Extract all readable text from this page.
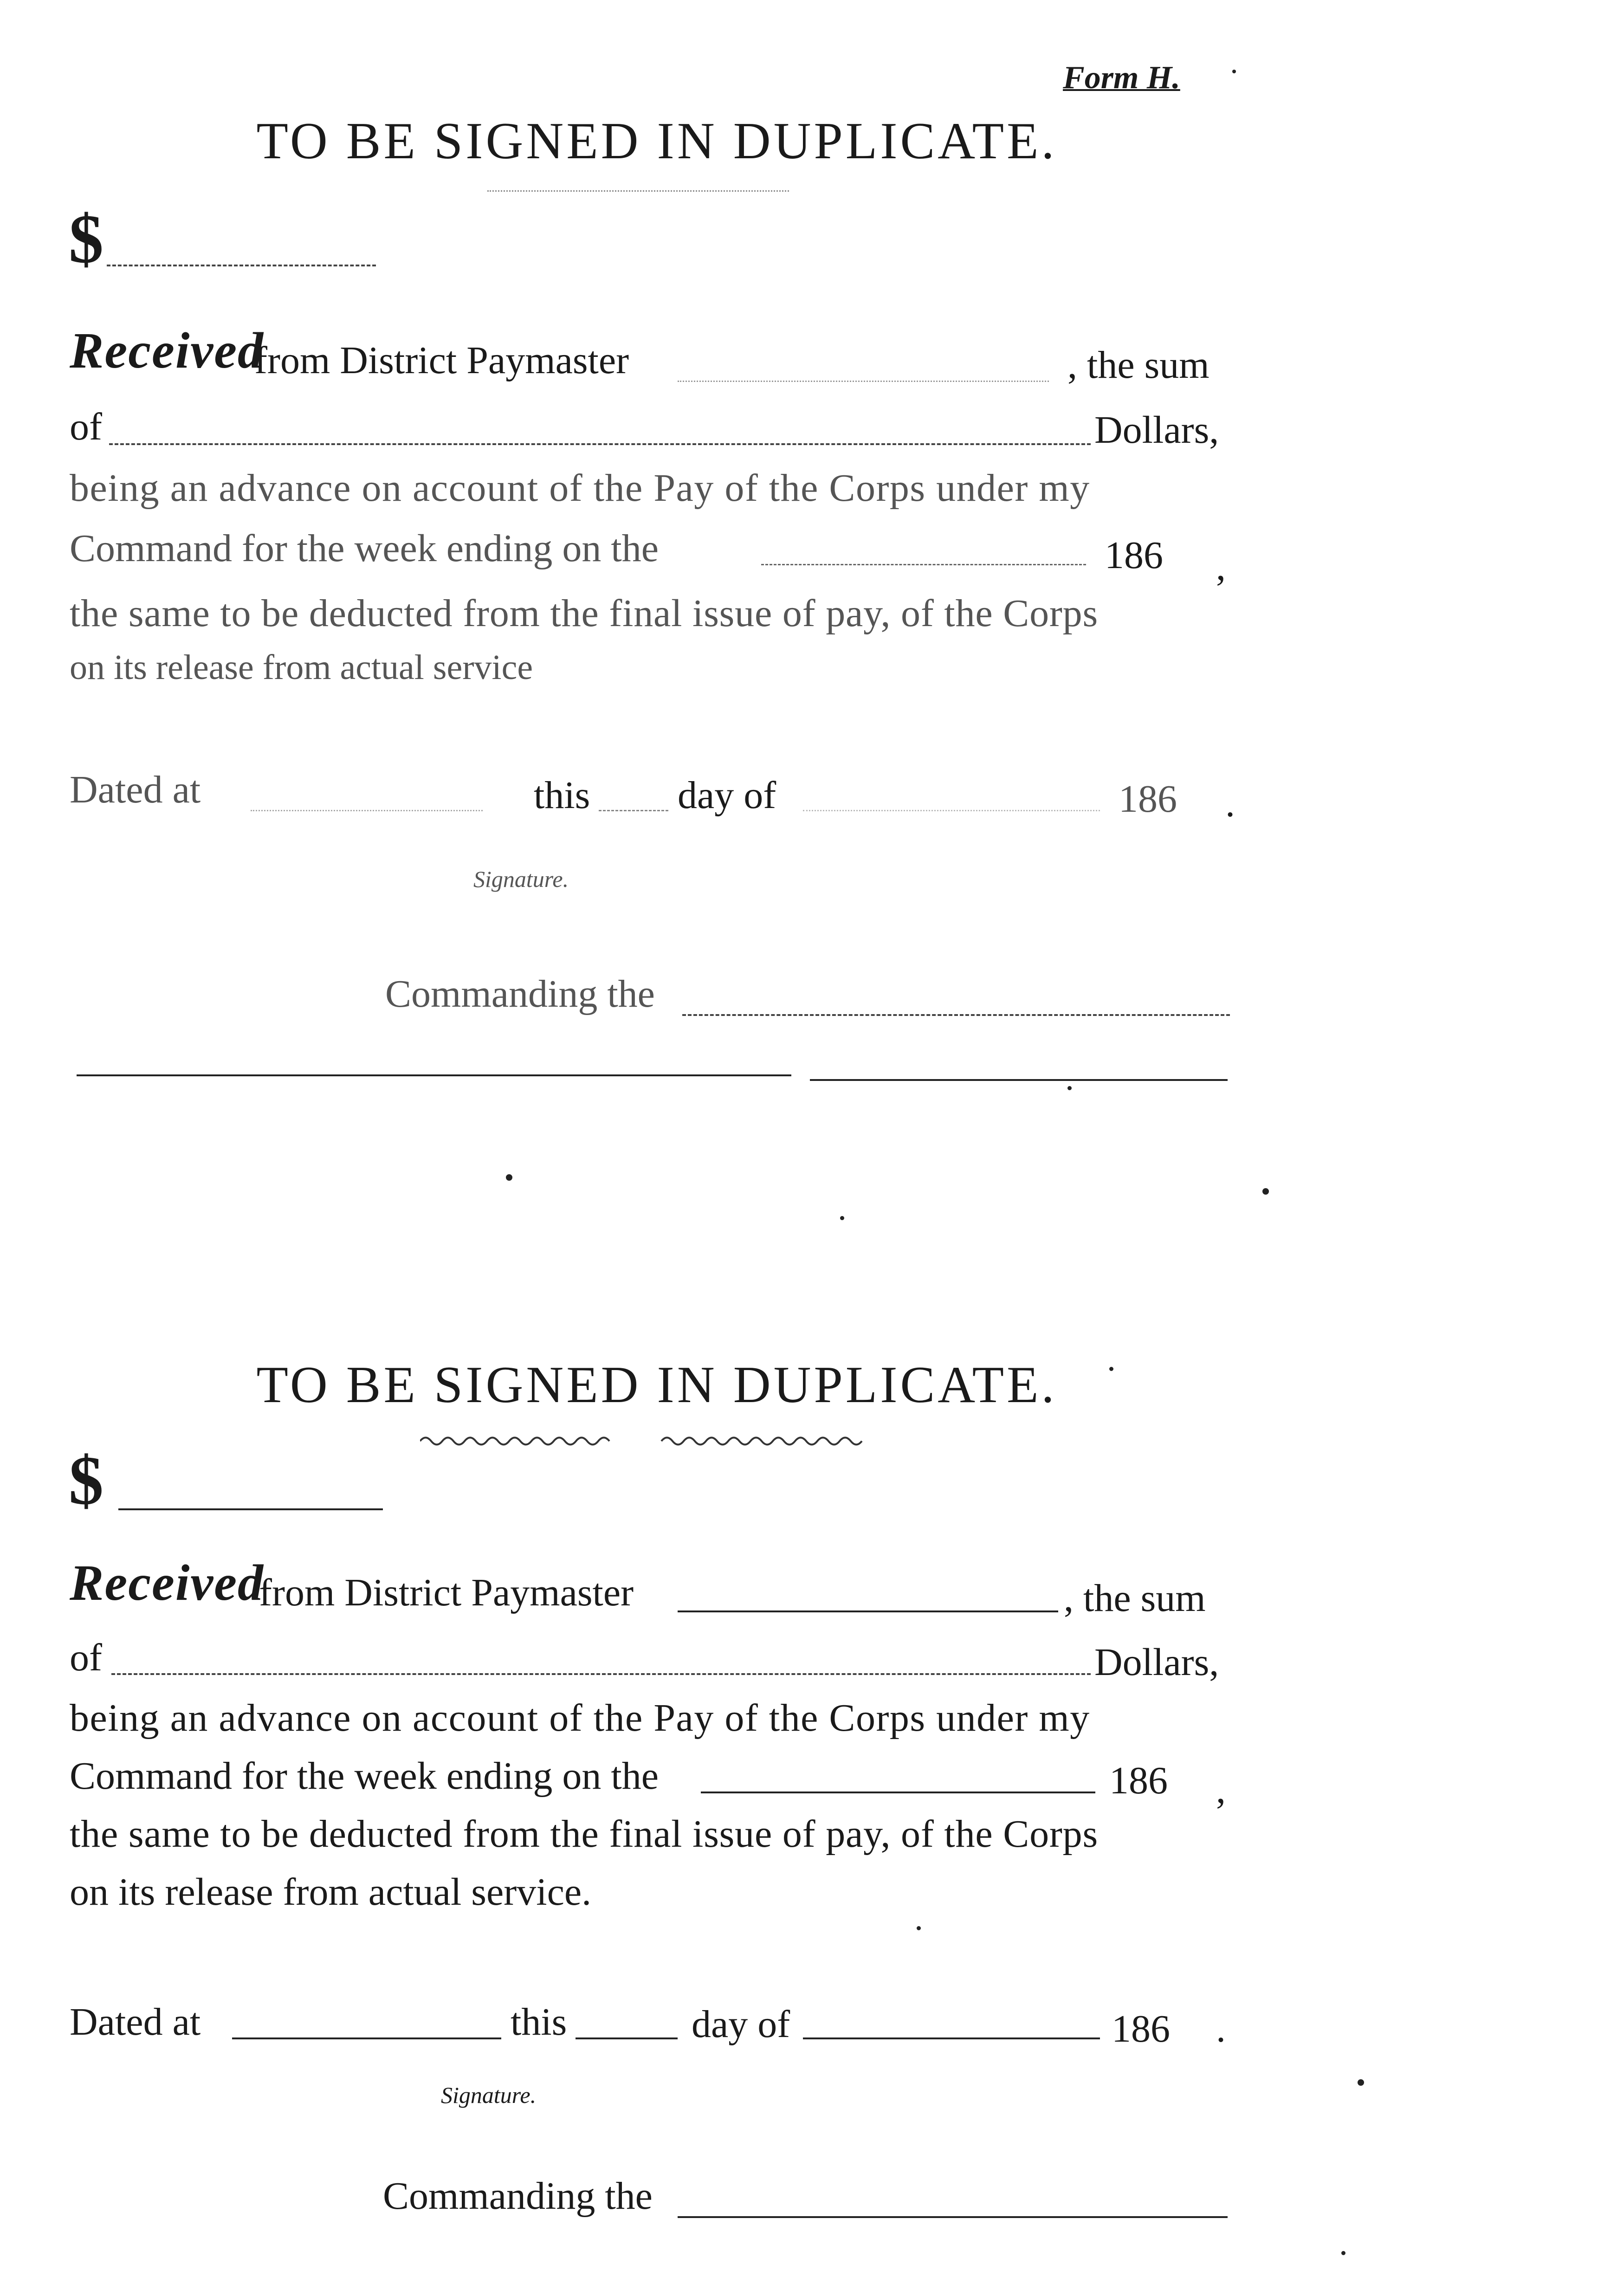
Form H.
TO BE SIGNED IN DUPLICATE.
$
Received
from District Paymaster	, the sum
of	Dollars,
being an advance on account of the Pay of the Corps under my
Command for the week ending on the	186 ,
the same to be deducted from the final issue of pay, of the Corps
on its release from actual service
Dated at	this day of	186 .
Signature.
Commanding the
TO BE SIGNED IN DUPLICATE.
$
Received
from District Paymaster	, the sum
of	Dollars,
being an advance on account of the Pay of the Corps under my
Command for the week ending on the	186 ,
the same to be deducted from the final issue of pay, of the Corps
on its release from actual service.
Dated at	this	day of	186 .
Signature.
Commanding the
